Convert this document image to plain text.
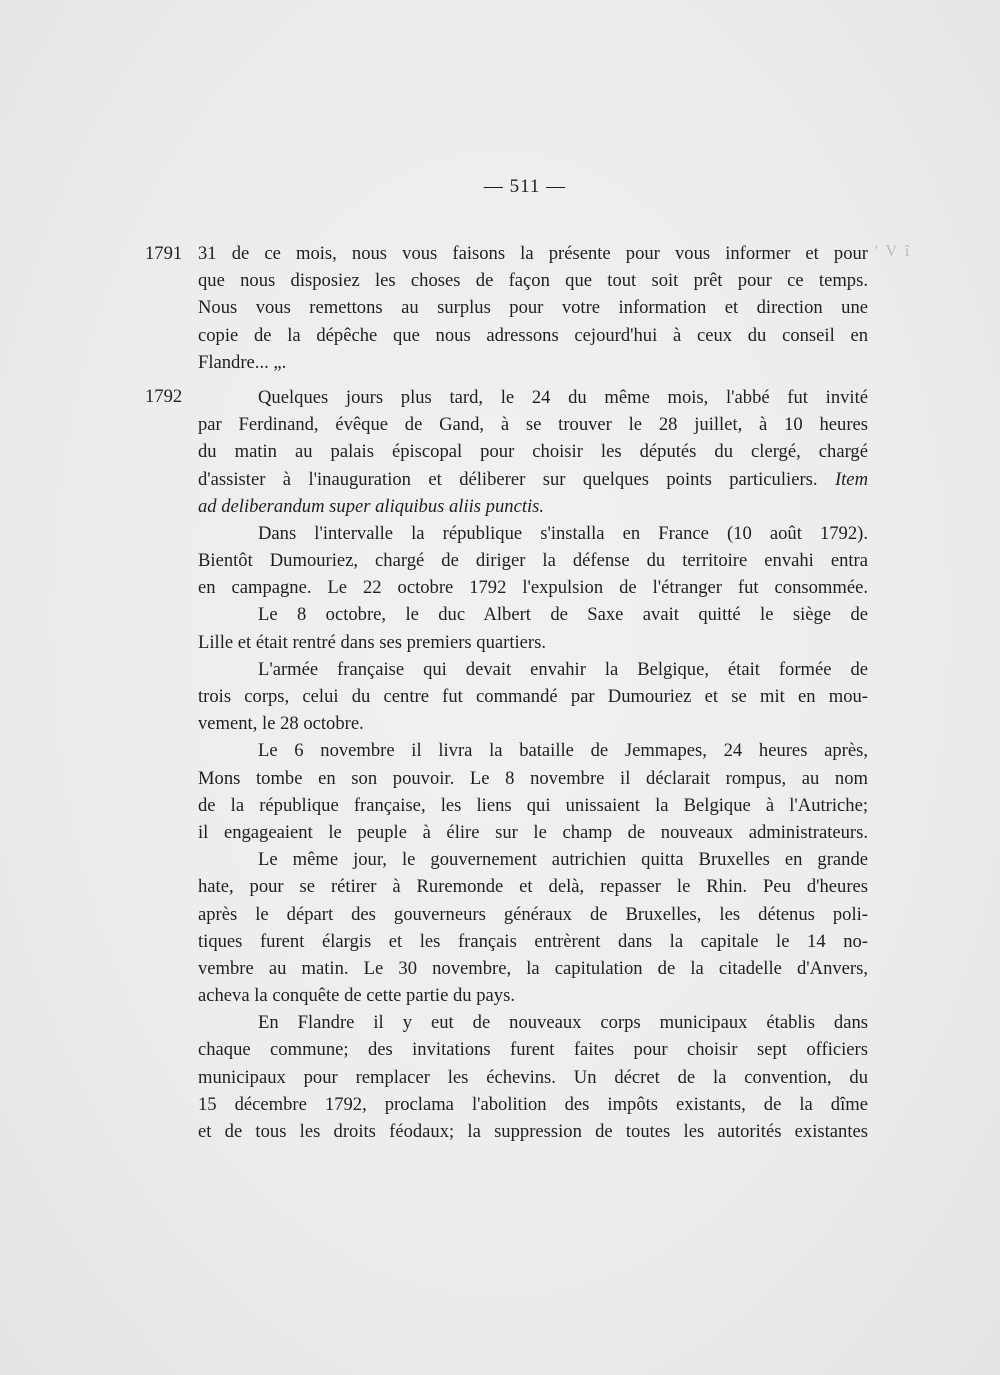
— 511 —
' V î
1791
1792
31 de ce mois, nous vous faisons la présente pour vous informer et pour
que nous disposiez les choses de façon que tout soit prêt pour ce temps.
Nous vous remettons au surplus pour votre information et direction une
copie de la dépêche que nous adressons cejourd'hui à ceux du conseil en
Flandre... „.
Quelques jours plus tard, le 24 du même mois, l'abbé fut invité
par Ferdinand, évêque de Gand, à se trouver le 28 juillet, à 10 heures
du matin au palais épiscopal pour choisir les députés du clergé, chargé
d'assister à l'inauguration et déliberer sur quelques points particuliers. Item
ad deliberandum super aliquibus aliis punctis.
Dans l'intervalle la république s'installa en France (10 août 1792).
Bientôt Dumouriez, chargé de diriger la défense du territoire envahi entra
en campagne. Le 22 octobre 1792 l'expulsion de l'étranger fut consommée.
Le 8 octobre, le duc Albert de Saxe avait quitté le siège de
Lille et était rentré dans ses premiers quartiers.
L'armée française qui devait envahir la Belgique, était formée de
trois corps, celui du centre fut commandé par Dumouriez et se mit en mou-
vement, le 28 octobre.
Le 6 novembre il livra la bataille de Jemmapes, 24 heures après,
Mons tombe en son pouvoir. Le 8 novembre il déclarait rompus, au nom
de la république française, les liens qui unissaient la Belgique à l'Autriche;
il engageaient le peuple à élire sur le champ de nouveaux administrateurs.
Le même jour, le gouvernement autrichien quitta Bruxelles en grande
hate, pour se rétirer à Ruremonde et delà, repasser le Rhin. Peu d'heures
après le départ des gouverneurs généraux de Bruxelles, les détenus poli-
tiques furent élargis et les français entrèrent dans la capitale le 14 no-
vembre au matin. Le 30 novembre, la capitulation de la citadelle d'Anvers,
acheva la conquête de cette partie du pays.
En Flandre il y eut de nouveaux corps municipaux établis dans
chaque commune; des invitations furent faites pour choisir sept officiers
municipaux pour remplacer les échevins. Un décret de la convention, du
15 décembre 1792, proclama l'abolition des impôts existants, de la dîme
et de tous les droits féodaux; la suppression de toutes les autorités existantes
